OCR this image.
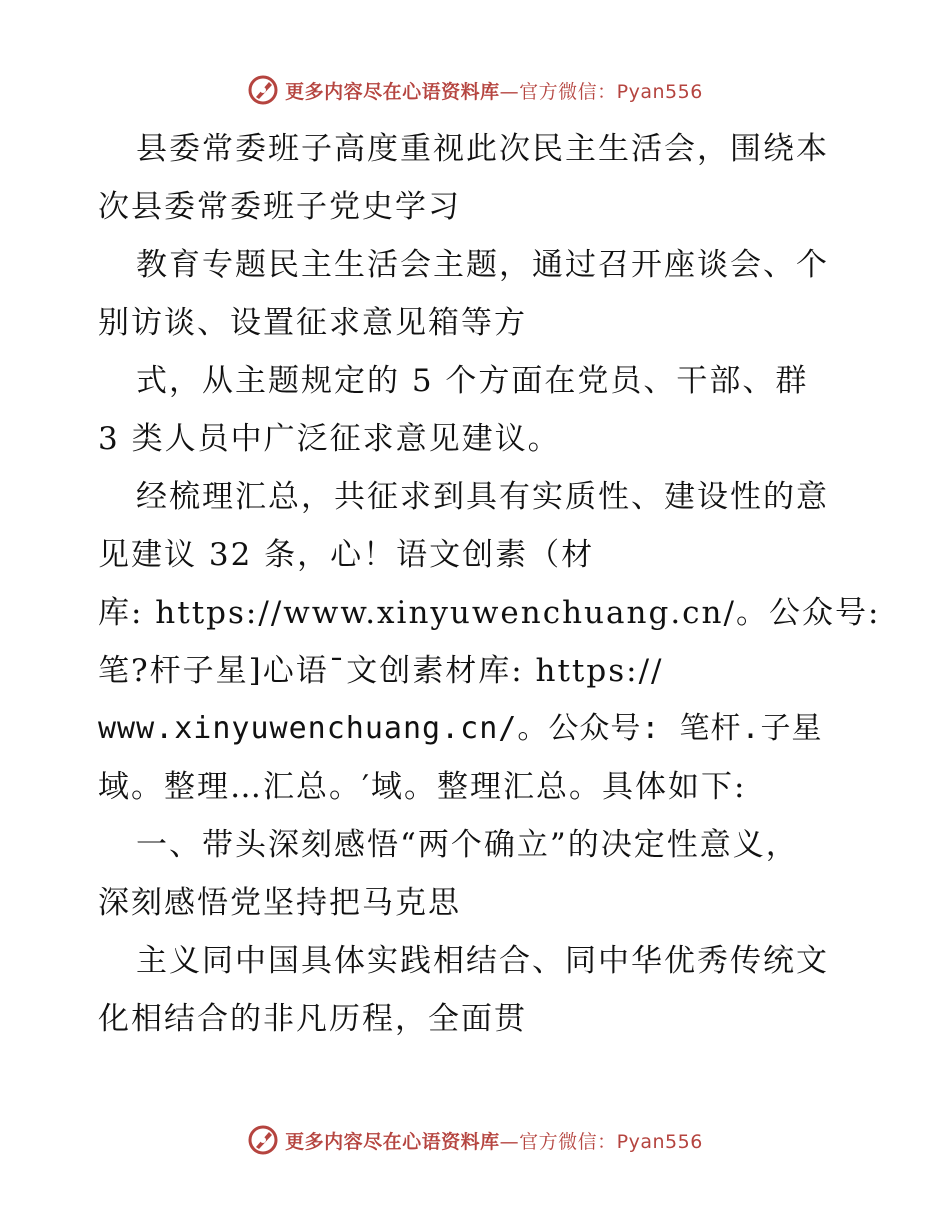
更多内容尽在心语资料库—官方微信：Pyan556
县委常委班子高度重视此次民主生活会，围绕本
次县委常委班子党史学习
教育专题民主生活会主题，通过召开座谈会、个
别访谈、设置征求意见箱等方
式，从主题规定的 5 个方面在党员、干部、群
3 类人员中广泛征求意见建议。
经梳理汇总，共征求到具有实质性、建设性的意
见建议 32 条，心！语文创素（材
库: https://www.xinyuwenchuang.cn/。公众号:
笔?杆子星]心语¯文创素材库: https://
www.xinyuwenchuang.cn/。公众号: 笔杆.子星
域。整理…汇总。′域。整理汇总。具体如下:
一、带头深刻感悟“两个确立”的决定性意义，
深刻感悟党坚持把马克思
主义同中国具体实践相结合、同中华优秀传统文
化相结合的非凡历程，全面贯
更多内容尽在心语资料库—官方微信：Pyan556
